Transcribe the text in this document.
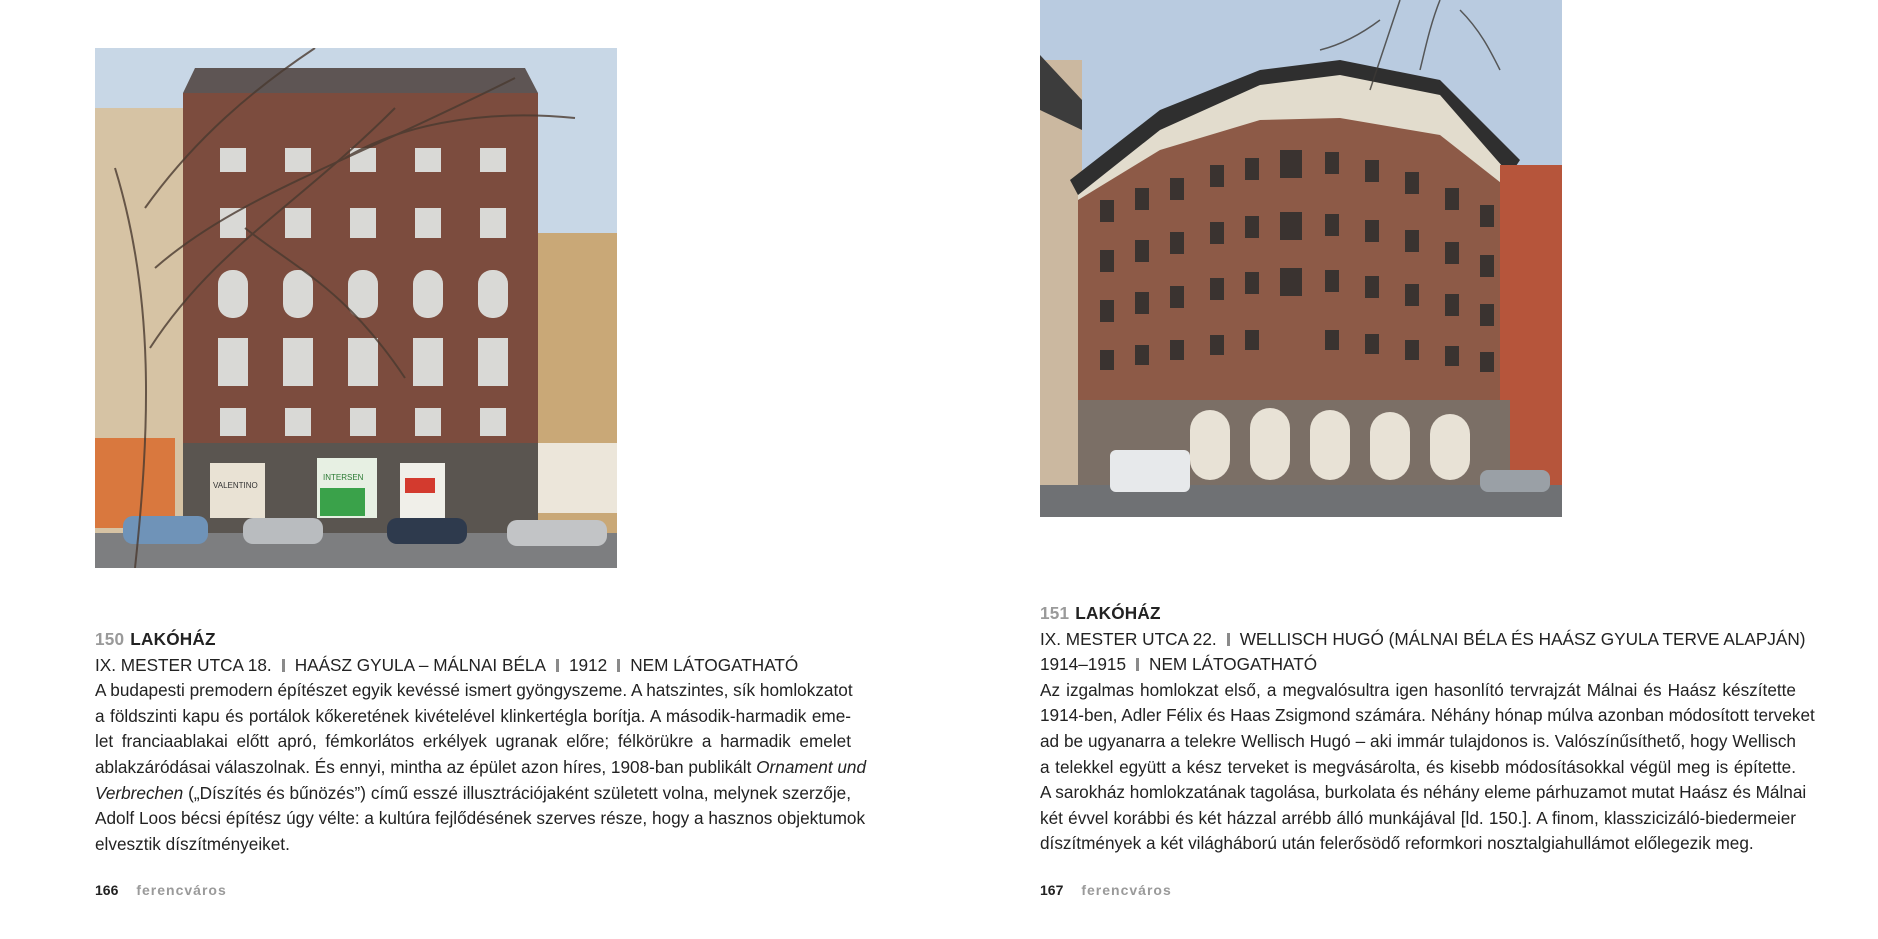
VALENTINO
INTERSEN
150 LAKÓHÁZ
IX. MESTER UTCA 18. HAÁSZ GYULA – MÁLNAI BÉLA 1912 NEM LÁTOGATHATÓ
A budapesti premodern építészet egyik kevéssé ismert gyöngyszeme. A hatszintes, sík homlokzatot
a földszinti kapu és portálok kőkeretének kivételével klinkertégla borítja. A második-harmadik eme-
let franciaablakai előtt apró, fémkorlátos erkélyek ugranak előre; félkörükre a harmadik emelet
ablakzáródásai válaszolnak. És ennyi, mintha az épület azon híres, 1908-ban publikált Ornament und
Verbrechen („Díszítés és bűnözés”) című esszé illusztrációjaként született volna, melynek szerzője,
Adolf Loos bécsi építész úgy vélte: a kultúra fejlődésének szerves része, hogy a hasznos objektumok
elvesztik díszítményeiket.
166 ferencváros
151 LAKÓHÁZ
IX. MESTER UTCA 22. WELLISCH HUGÓ (MÁLNAI BÉLA ÉS HAÁSZ GYULA TERVE ALAPJÁN)
1914–1915 NEM LÁTOGATHATÓ
Az izgalmas homlokzat első, a megvalósultra igen hasonlító tervrajzát Málnai és Haász készítette
1914-ben, Adler Félix és Haas Zsigmond számára. Néhány hónap múlva azonban módosított terveket
ad be ugyanarra a telekre Wellisch Hugó – aki immár tulajdonos is. Valószínűsíthető, hogy Wellisch
a telekkel együtt a kész terveket is megvásárolta, és kisebb módosításokkal végül meg is építette.
A sarokház homlokzatának tagolása, burkolata és néhány eleme párhuzamot mutat Haász és Málnai
két évvel korábbi és két házzal arrébb álló munkájával [ld. 150.]. A finom, klasszicizáló-biedermeier
díszítmények a két világháború után felerősödő reformkori nosztalgiahullámot előlegezik meg.
167 ferencváros
